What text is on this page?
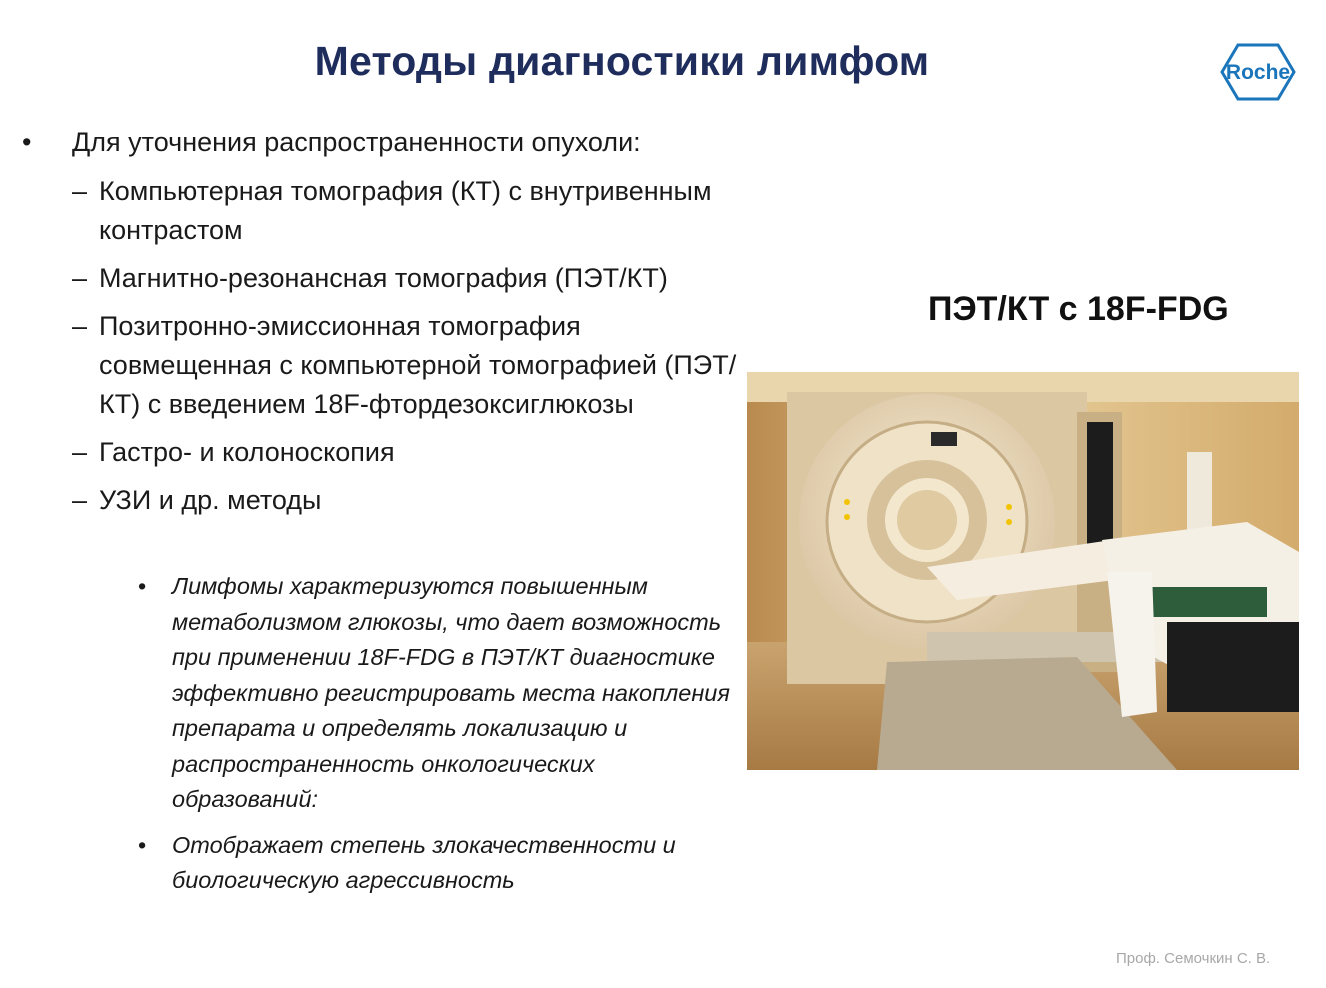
Методы диагностики лимфом	Roche
• Для уточнения распространенности опухоли:
– Компьютерная томография (КТ) с внутривенным контрастом
– Магнитно-резонансная томография (ПЭТ/КТ)
– Позитронно-эмиссионная томография совмещенная с компьютерной томографией (ПЭТ/КТ) с введением 18F-фтордезоксиглюкозы
– Гастро- и колоноскопия
– УЗИ и др. методы
• Лимфомы характеризуются повышенным метаболизмом глюкозы, что дает возможность при применении 18F-FDG в ПЭТ/КТ диагностике эффективно регистрировать места накопления препарата и определять локализацию и распространенность онкологических образований:
• Отображает степень злокачественности и биологическую агрессивность
ПЭТ/КТ с 18F-FDG
Проф. Семочкин С. В.
